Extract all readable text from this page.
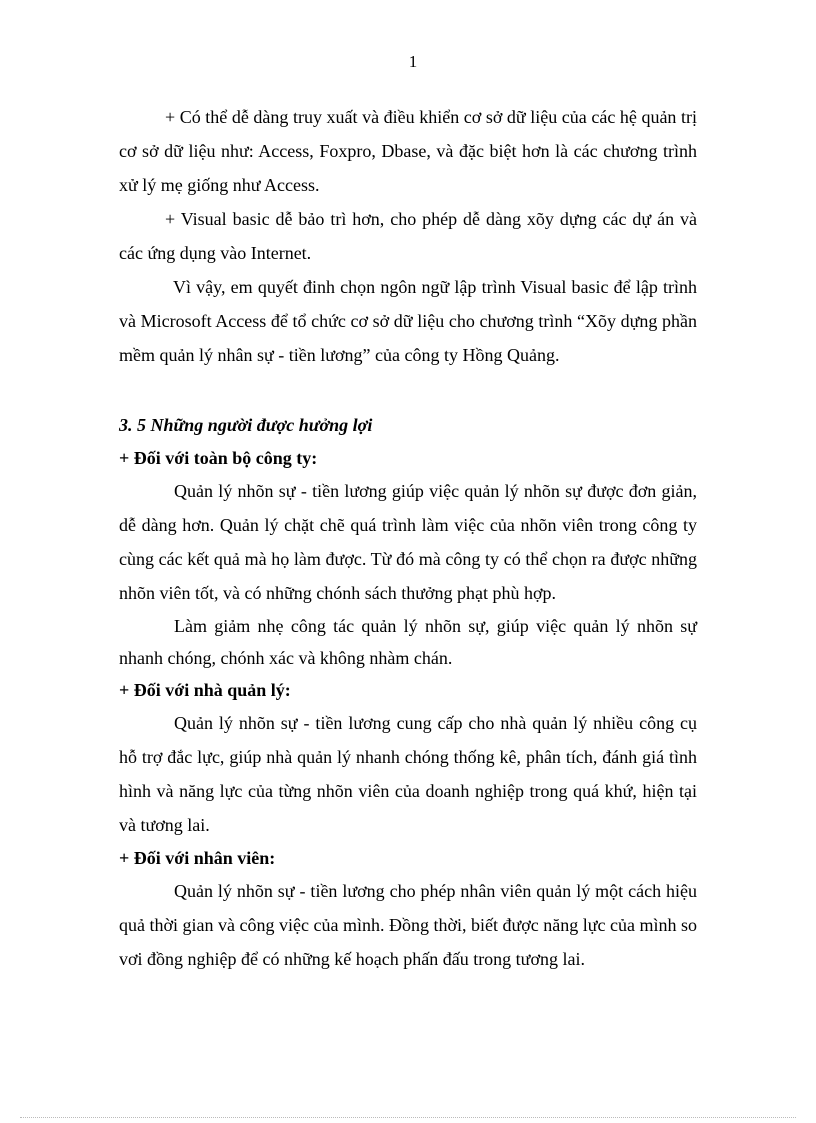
1

+ Có thể dễ dàng truy xuất và điều khiển cơ sở dữ liệu của các hệ quản trị cơ sở dữ liệu như: Access, Foxpro, Dbase, và đặc biệt hơn là các chương trình xử lý mẹ giống như Access.

+ Visual basic dễ bảo trì hơn, cho phép dễ dàng xõy dựng các dự án và các ứng dụng vào Internet.

Vì vậy, em quyết đinh chọn ngôn ngữ lập trình Visual basic để lập trình và Microsoft Access để tổ chức cơ sở dữ liệu cho chương trình “Xõy dựng phần mềm quản lý nhân sự - tiền lương” của công ty Hồng Quảng.

3. 5 Những người được hưởng lợi
+ Đối với toàn bộ công ty:

Quản lý nhõn sự - tiền lương giúp việc quản lý nhõn sự được đơn giản, dễ dàng hơn. Quản lý chặt chẽ quá trình làm việc của nhõn viên trong công ty cùng các kết quả mà họ làm được. Từ đó mà công ty có thể chọn ra được những nhõn viên tốt, và có những chónh sách thưởng phạt phù hợp.

Làm giảm nhẹ công tác quản lý nhõn sự, giúp việc quản lý nhõn sự nhanh chóng, chónh xác và không nhàm chán.

+ Đối với nhà quản lý:

Quản lý nhõn sự - tiền lương cung cấp cho nhà quản lý nhiều công cụ hỗ trợ đắc lực, giúp nhà quản lý nhanh chóng thống kê, phân tích, đánh giá tình hình và năng lực của từng nhõn viên của doanh nghiệp trong quá khứ, hiện tại và tương lai.

+ Đối với nhân viên:

Quản lý nhõn sự - tiền lương cho phép nhân viên quản lý một cách hiệu quả thời gian và công việc của mình. Đồng thời, biết được năng lực của mình so vơi đồng nghiệp để có những kế hoạch phấn đấu trong tương lai.
